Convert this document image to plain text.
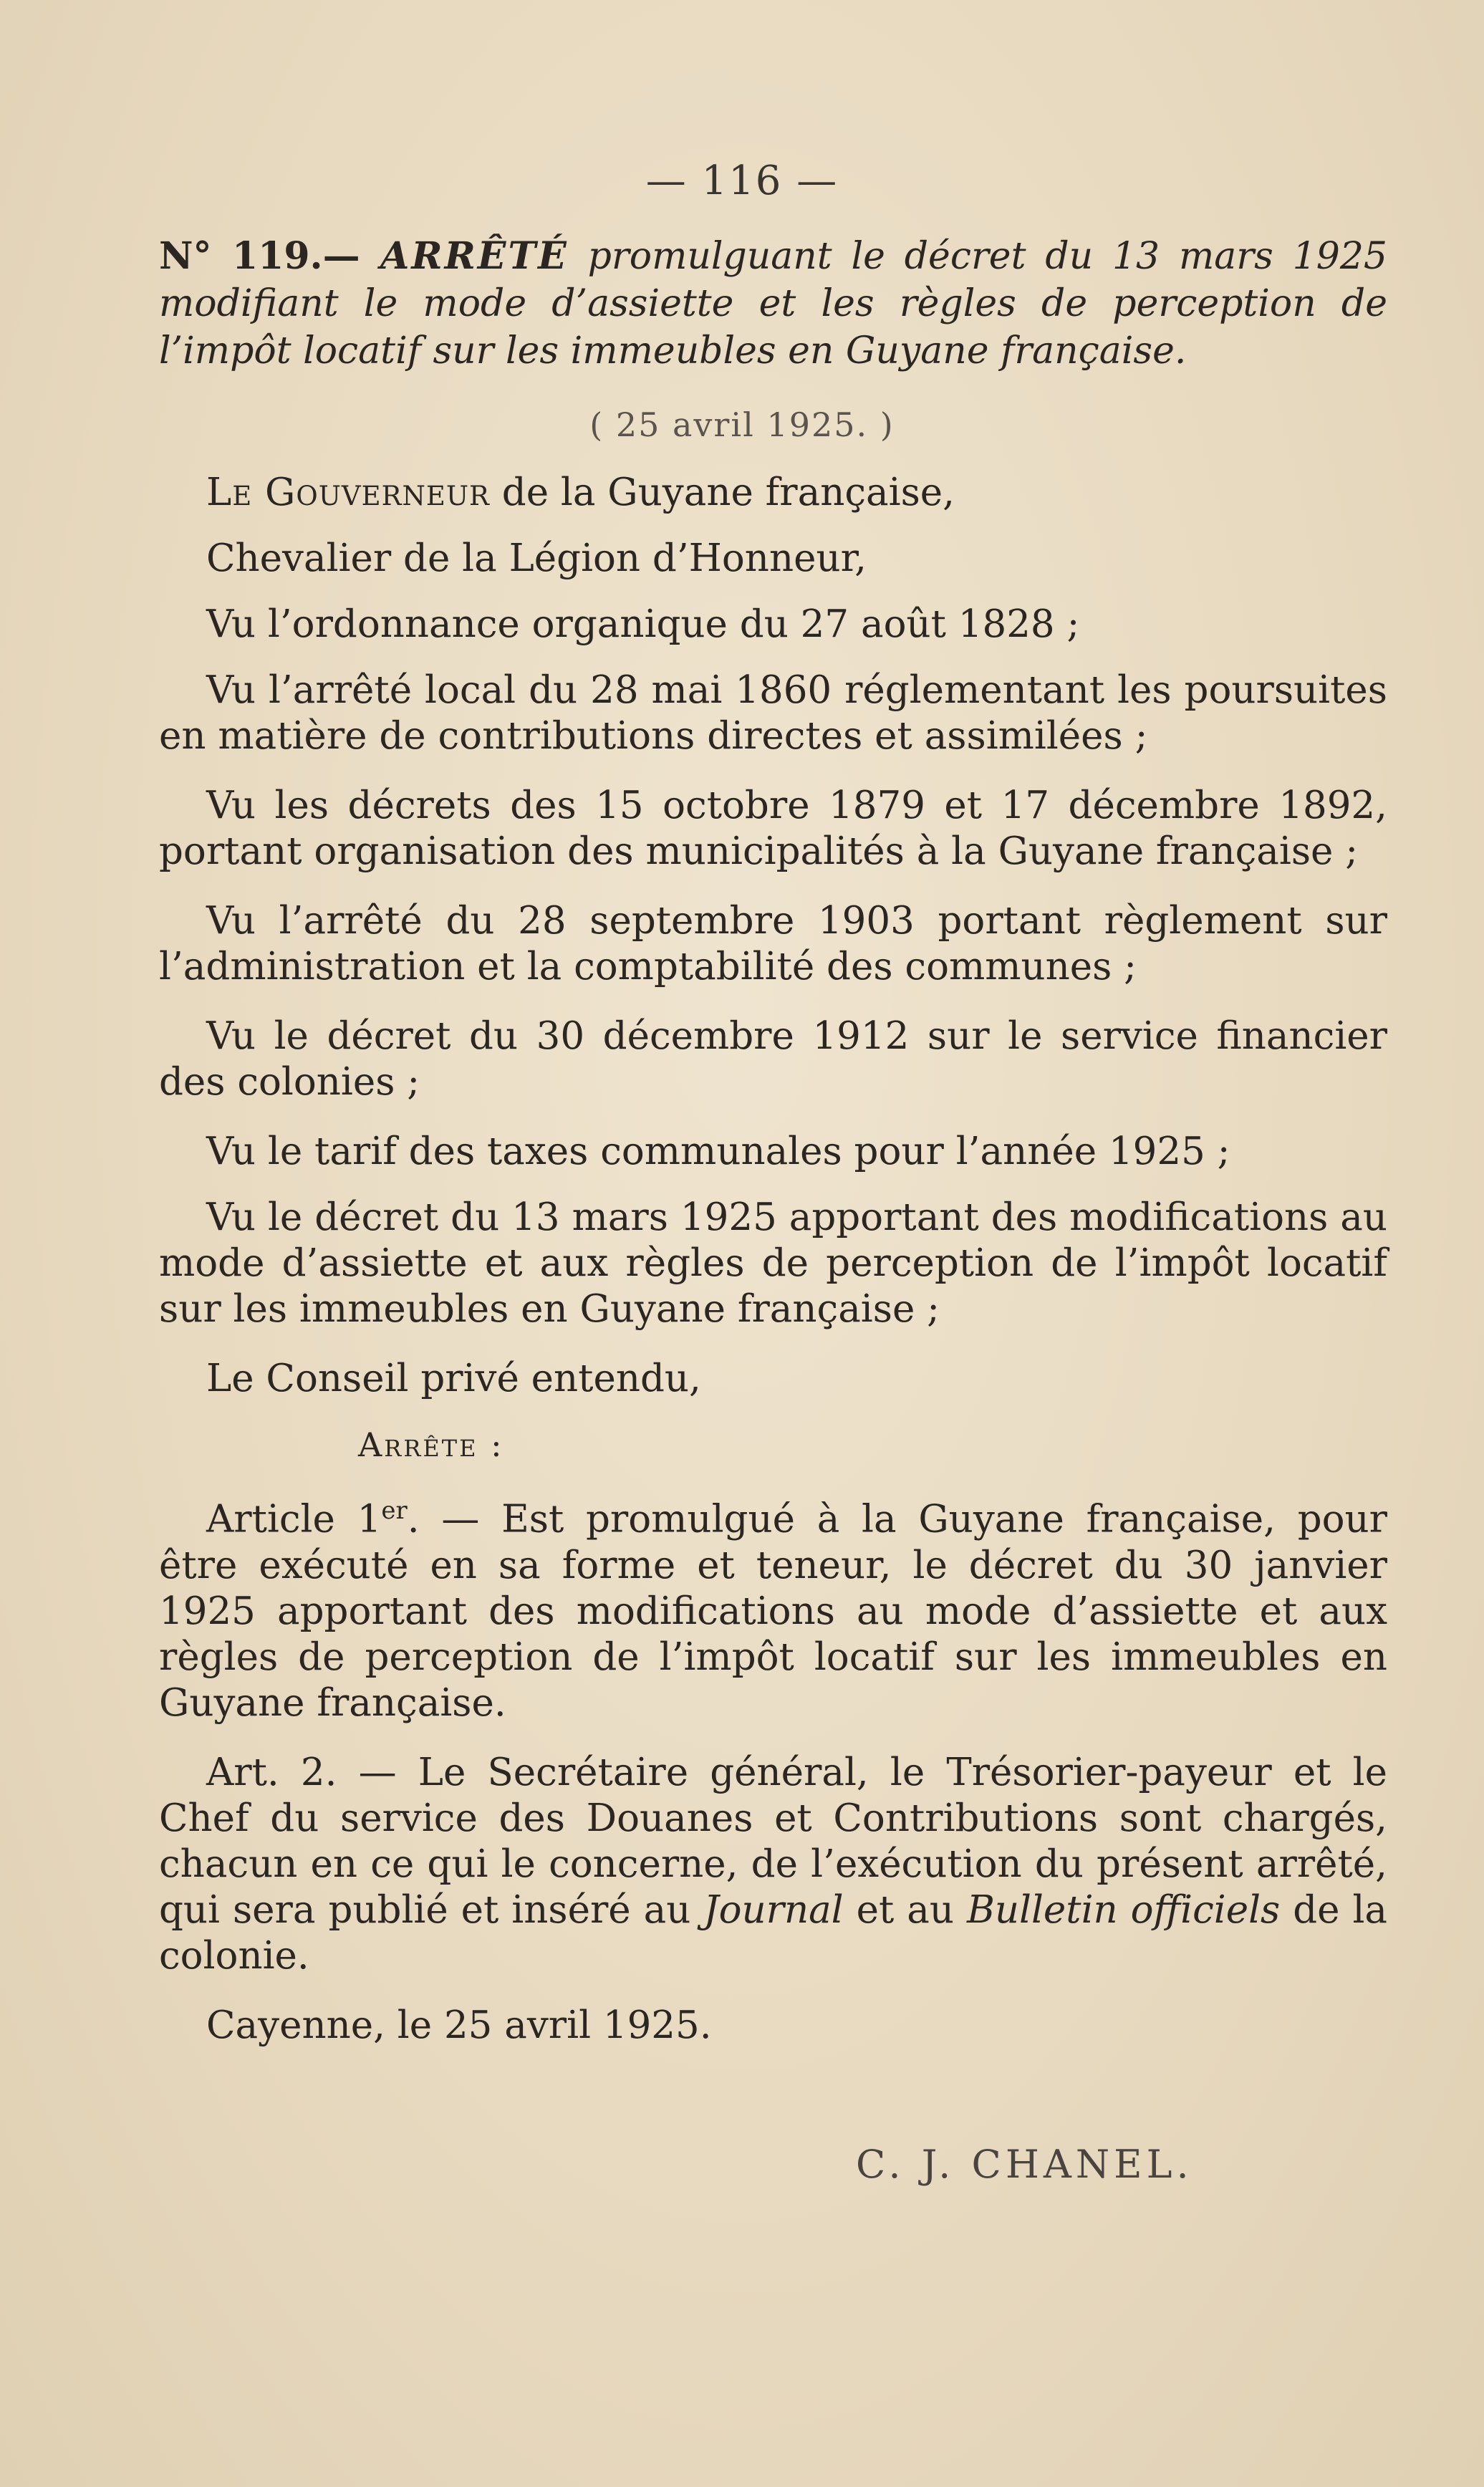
— 116 —
N° 119.— ARRÊTÉ promulguant le décret du 13 mars 1925 modifiant le mode d’assiette et les règles de perception de l’impôt locatif sur les immeubles en Guyane française.
( 25 avril 1925. )

Le Gouverneur de la Guyane française,

Chevalier de la Légion d’Honneur,

Vu l’ordonnance organique du 27 août 1828 ;

Vu l’arrêté local du 28 mai 1860 réglementant les poursuites en matière de contributions directes et assimilées ;

Vu les décrets des 15 octobre 1879 et 17 décembre 1892, portant organisation des municipalités à la Guyane française ;

Vu l’arrêté du 28 septembre 1903 portant règlement sur l’administration et la comptabilité des communes ;

Vu le décret du 30 décembre 1912 sur le service financier des colonies ;

Vu le tarif des taxes communales pour l’année 1925 ;

Vu le décret du 13 mars 1925 apportant des modifications au mode d’assiette et aux règles de perception de l’impôt locatif sur les immeubles en Guyane française ;

Le Conseil privé entendu,

Arrête :

Article 1er. — Est promulgué à la Guyane française, pour être exécuté en sa forme et teneur, le décret du 30 janvier 1925 apportant des modifications au mode d’assiette et aux règles de perception de l’impôt locatif sur les immeubles en Guyane française.

Art. 2. — Le Secrétaire général, le Trésorier-payeur et le Chef du service des Douanes et Contributions sont chargés, chacun en ce qui le concerne, de l’exécution du présent arrêté, qui sera publié et inséré au Journal et au Bulletin officiels de la colonie.

Cayenne, le 25 avril 1925.

C. J. CHANEL.
